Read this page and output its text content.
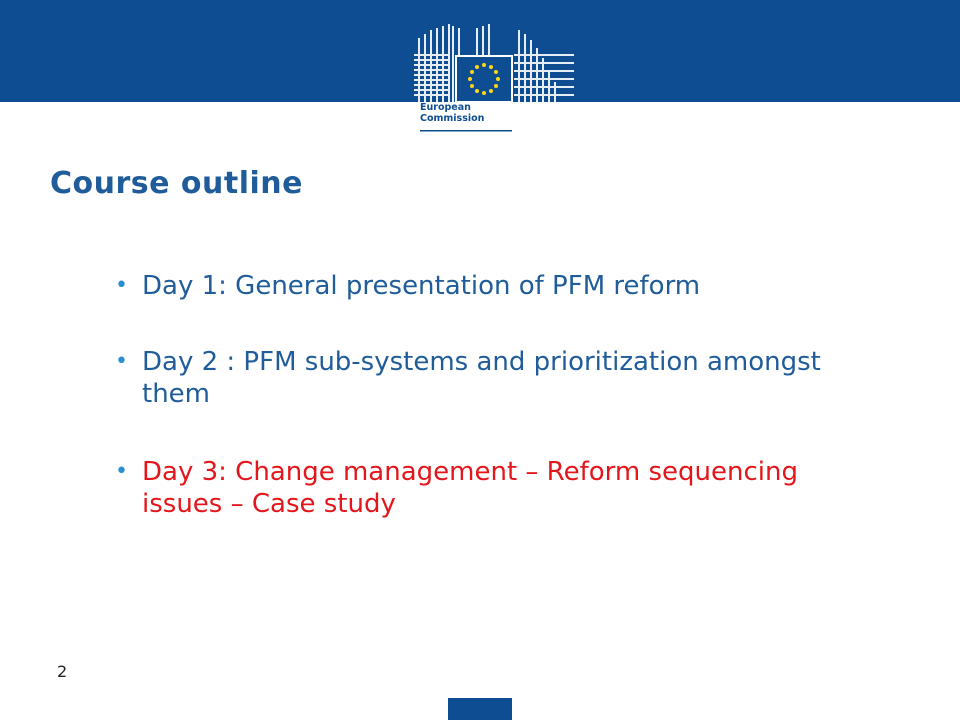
European
Commission
Course outline
• Day 1: General presentation of PFM reform
• Day 2 : PFM sub-systems and prioritization amongst them
• Day 3: Change management – Reform sequencing issues – Case study
2
